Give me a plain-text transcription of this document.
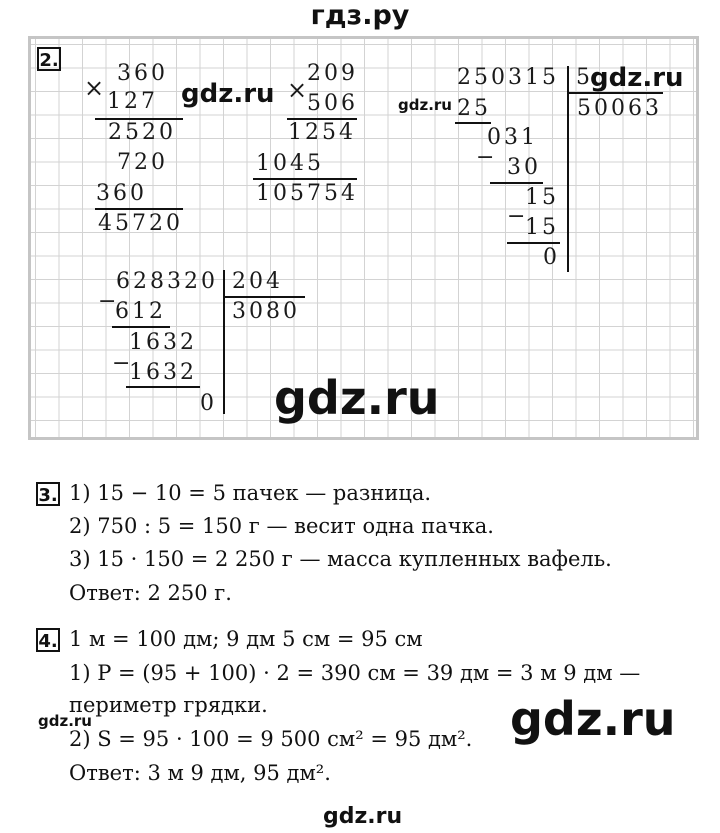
гдз.ру
2.
360
× 127
2520
720
360
45720
209
×
506
1254
1045
105754
250315 5
50063
25
031
− 30
15
−
15
0
628320 204
3080
−
612
1632
−
1632
0
gdz.ru	gdz.ru
gdz.ru
gdz.ru
3. 1) 15 − 10 = 5 пачек — разница.
2) 750 : 5 = 150 г — весит одна пачка.
3) 15 · 150 = 2 250 г — масса купленных вафель.
Ответ: 2 250 г.
4. 1 м = 100 дм; 9 дм 5 см = 95 см
1) P = (95 + 100) · 2 = 390 см = 39 дм = 3 м 9 дм —
периметр грядки.
2) S = 95 · 100 = 9 500 см² = 95 дм².
Ответ: 3 м 9 дм, 95 дм².
gdz.ru	gdz.ru
gdz.ru
